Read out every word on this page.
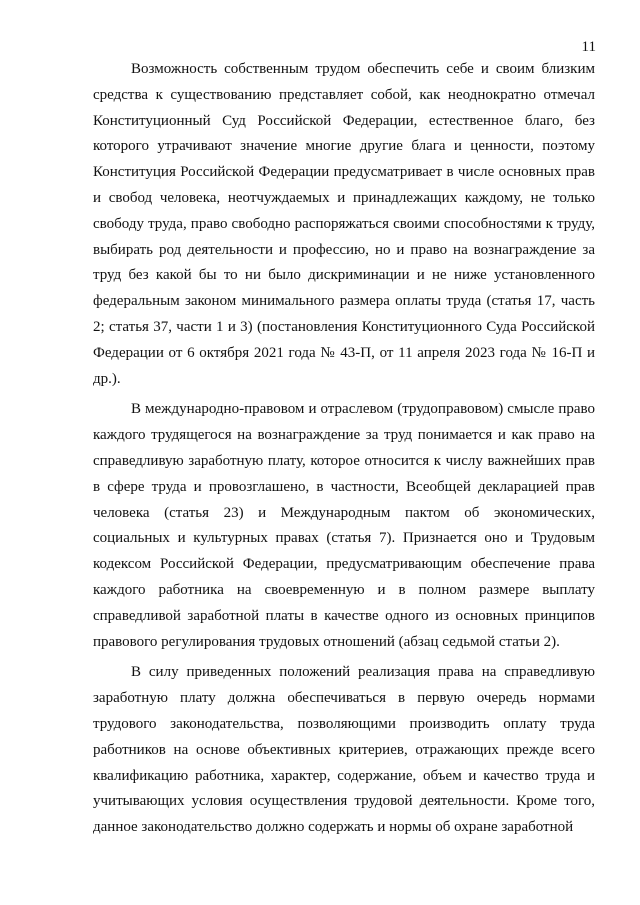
11

Возможность собственным трудом обеспечить себе и своим близким средства к существованию представляет собой, как неоднократно отмечал Конституционный Суд Российской Федерации, естественное благо, без которого утрачивают значение многие другие блага и ценности, поэтому Конституция Российской Федерации предусматривает в числе основных прав и свобод человека, неотчуждаемых и принадлежащих каждому, не только свободу труда, право свободно распоряжаться своими способностями к труду, выбирать род деятельности и профессию, но и право на вознаграждение за труд без какой бы то ни было дискриминации и не ниже установленного федеральным законом минимального размера оплаты труда (статья 17, часть 2; статья 37, части 1 и 3) (постановления Конституционного Суда Российской Федерации от 6 октября 2021 года № 43-П, от 11 апреля 2023 года № 16-П и др.).

В международно-правовом и отраслевом (трудоправовом) смысле право каждого трудящегося на вознаграждение за труд понимается и как право на справедливую заработную плату, которое относится к числу важнейших прав в сфере труда и провозглашено, в частности, Всеобщей декларацией прав человека (статья 23) и Международным пактом об экономических, социальных и культурных правах (статья 7). Признается оно и Трудовым кодексом Российской Федерации, предусматривающим обеспечение права каждого работника на своевременную и в полном размере выплату справедливой заработной платы в качестве одного из основных принципов правового регулирования трудовых отношений (абзац седьмой статьи 2).

В силу приведенных положений реализация права на справедливую заработную плату должна обеспечиваться в первую очередь нормами трудового законодательства, позволяющими производить оплату труда работников на основе объективных критериев, отражающих прежде всего квалификацию работника, характер, содержание, объем и качество труда и учитывающих условия осуществления трудовой деятельности. Кроме того, данное законодательство должно содержать и нормы об охране заработной
